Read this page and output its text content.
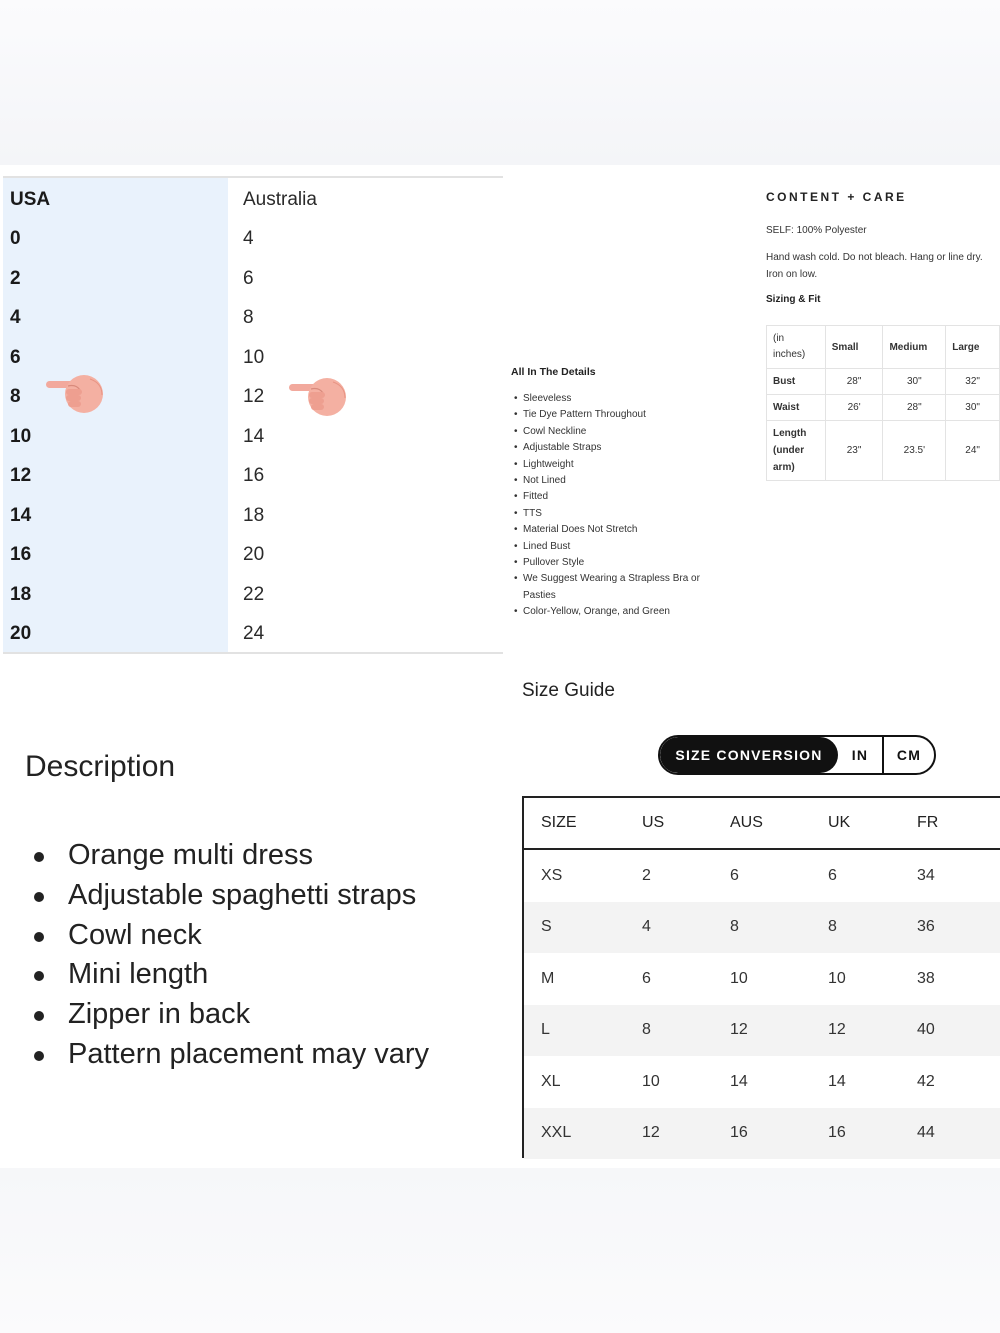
USA	Australia
0	4
2	6
4	8
6	10
8	12
10	14
12	16
14	18
16	20
18	22
20	24
All In The Details
• Sleeveless
• Tie Dye Pattern Throughout
• Cowl Neckline
• Adjustable Straps
• Lightweight
• Not Lined
• Fitted
• TTS
• Material Does Not Stretch
• Lined Bust
• Pullover Style
• We Suggest Wearing a Strapless Bra or Pasties
• Color-Yellow, Orange, and Green
CONTENT + CARE
SELF: 100% Polyester
Hand wash cold. Do not bleach. Hang or line dry. Iron on low.
Sizing & Fit
(in inches)	Small	Medium	Large
Bust	28"	30"	32"
Waist	26'	28"	30"
Length (under arm)	23"	23.5'	24"
Description
Orange multi dress
Adjustable spaghetti straps
Cowl neck
Mini length
Zipper in back
Pattern placement may vary
Size Guide
SIZE CONVERSION	IN	CM
SIZE	US	AUS	UK	FR
XS	2	6	6	34
S	4	8	8	36
M	6	10	10	38
L	8	12	12	40
XL	10	14	14	42
XXL	12	16	16	44
